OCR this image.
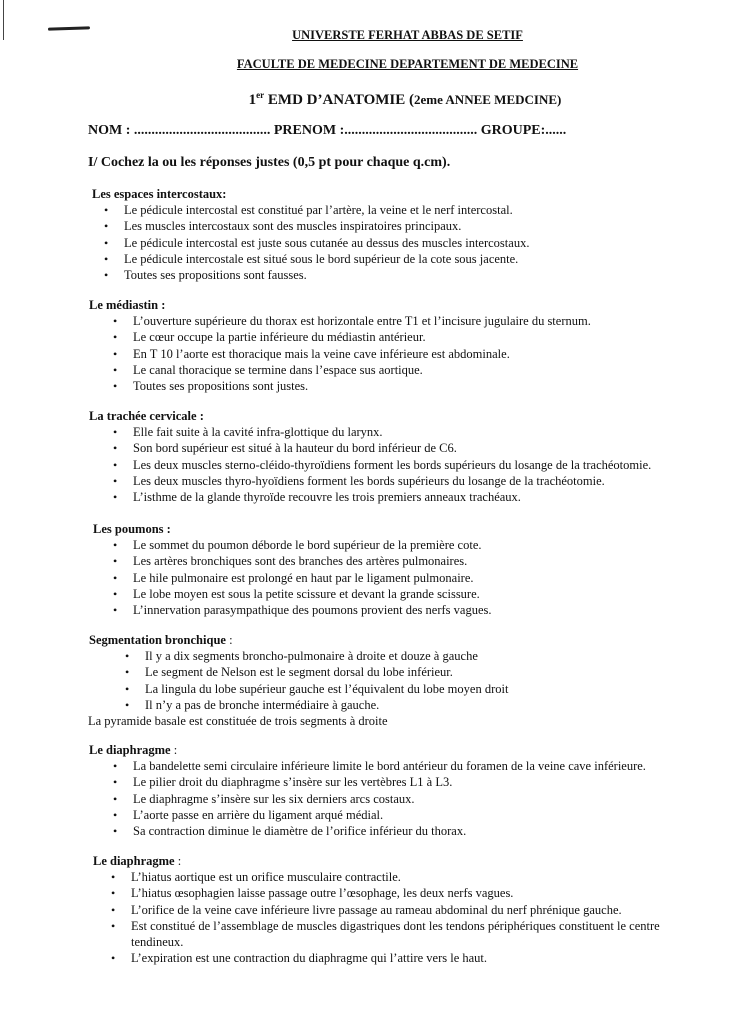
UNIVERSTE FERHAT ABBAS DE SETIF
FACULTE DE MEDECINE DEPARTEMENT DE MEDECINE
1er EMD D’ANATOMIE (2eme ANNEE MEDCINE)
NOM : ....................................... PRENOM :...................................... GROUPE:......
I/ Cochez la ou les réponses justes (0,5 pt pour chaque q.cm).

Les espaces intercostaux:

• Le pédicule intercostal est constitué par l’artère, la veine et le nerf intercostal.
• Les muscles intercostaux sont des muscles inspiratoires principaux.
• Le pédicule intercostal est juste sous cutanée au dessus des muscles intercostaux.
• Le pédicule intercostale est situé sous le bord supérieur de la cote sous jacente.
• Toutes ses propositions sont fausses.

Le médiastin :

• L’ouverture supérieure du thorax est horizontale entre T1 et l’incisure jugulaire du sternum.
• Le cœur occupe la partie inférieure du médiastin antérieur.
• En T 10 l’aorte est thoracique mais la veine cave inférieure est abdominale.
• Le canal thoracique se termine dans l’espace sus aortique.
• Toutes ses propositions sont justes.

La trachée cervicale :

• Elle fait suite à la cavité infra-glottique du larynx.
• Son bord supérieur est situé à la hauteur du bord inférieur de C6.
• Les deux muscles sterno-cléido-thyroïdiens forment les bords supérieurs du losange de la trachéotomie.
• Les deux muscles thyro-hyoïdiens forment les bords supérieurs du losange de la trachéotomie.
• L’isthme de la glande thyroïde recouvre les trois premiers anneaux trachéaux.

Les poumons :

• Le sommet du poumon déborde le bord supérieur de la première cote.
• Les artères bronchiques sont des branches des artères pulmonaires.
• Le hile pulmonaire est prolongé en haut par le ligament pulmonaire.
• Le lobe moyen est sous la petite scissure et devant la grande scissure.
• L’innervation parasympathique des poumons provient des nerfs vagues.

Segmentation bronchique :

• Il y a dix segments broncho-pulmonaire à droite et douze à gauche
• Le segment de Nelson est le segment dorsal du lobe inférieur.
• La lingula du lobe supérieur gauche est l’équivalent du lobe moyen droit
• Il n’y a pas de bronche intermédiaire à gauche.
La pyramide basale est constituée de trois segments à droite

Le diaphragme :

• La bandelette semi circulaire inférieure limite le bord antérieur du foramen de la veine cave inférieure.
• Le pilier droit du diaphragme s’insère sur les vertèbres L1 à L3.
• Le diaphragme s’insère sur les six derniers arcs costaux.
• L’aorte passe en arrière du ligament arqué médial.
• Sa contraction diminue le diamètre de l’orifice inférieur du thorax.

Le diaphragme :

• L’hiatus aortique est un orifice musculaire contractile.
• L’hiatus œsophagien laisse passage outre l’œsophage, les deux nerfs vagues.
• L’orifice de la veine cave inférieure livre passage au rameau abdominal du nerf phrénique gauche.
• Est constitué de l’assemblage de muscles digastriques dont les tendons périphériques constituent le centre tendineux.
• L’expiration est une contraction du diaphragme qui l’attire vers le haut.
